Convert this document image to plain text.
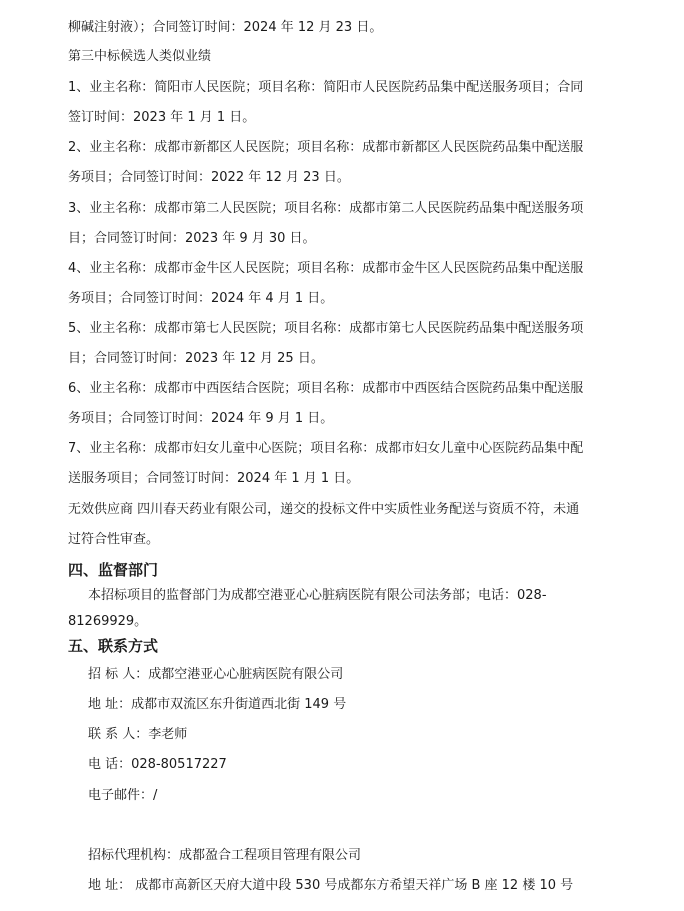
柳碱注射液）；合同签订时间：2024 年 12 月 23 日。
第三中标候选人类似业绩
1、业主名称：简阳市人民医院；项目名称：简阳市人民医院药品集中配送服务项目；合同
签订时间：2023 年 1 月 1 日。
2、业主名称：成都市新都区人民医院；项目名称：成都市新都区人民医院药品集中配送服
务项目；合同签订时间：2022 年 12 月 23 日。
3、业主名称：成都市第二人民医院；项目名称：成都市第二人民医院药品集中配送服务项
目；合同签订时间：2023 年 9 月 30 日。
4、业主名称：成都市金牛区人民医院；项目名称：成都市金牛区人民医院药品集中配送服
务项目；合同签订时间：2024 年 4 月 1 日。
5、业主名称：成都市第七人民医院；项目名称：成都市第七人民医院药品集中配送服务项
目；合同签订时间：2023 年 12 月 25 日。
6、业主名称：成都市中西医结合医院；项目名称：成都市中西医结合医院药品集中配送服
务项目；合同签订时间：2024 年 9 月 1 日。
7、业主名称：成都市妇女儿童中心医院；项目名称：成都市妇女儿童中心医院药品集中配
送服务项目；合同签订时间：2024 年 1 月 1 日。
无效供应商 四川春天药业有限公司，递交的投标文件中实质性业务配送与资质不符，未通
过符合性审查。
四、监督部门
本招标项目的监督部门为成都空港亚心心脏病医院有限公司法务部；电话：028-
81269929。
五、联系方式
招 标 人：成都空港亚心心脏病医院有限公司
地 址：成都市双流区东升街道西北街 149 号
联 系 人：李老师
电 话：028-80517227
电子邮件：/
招标代理机构：成都盈合工程项目管理有限公司
地 址： 成都市高新区天府大道中段 530 号成都东方希望天祥广场 B 座 12 楼 10 号
